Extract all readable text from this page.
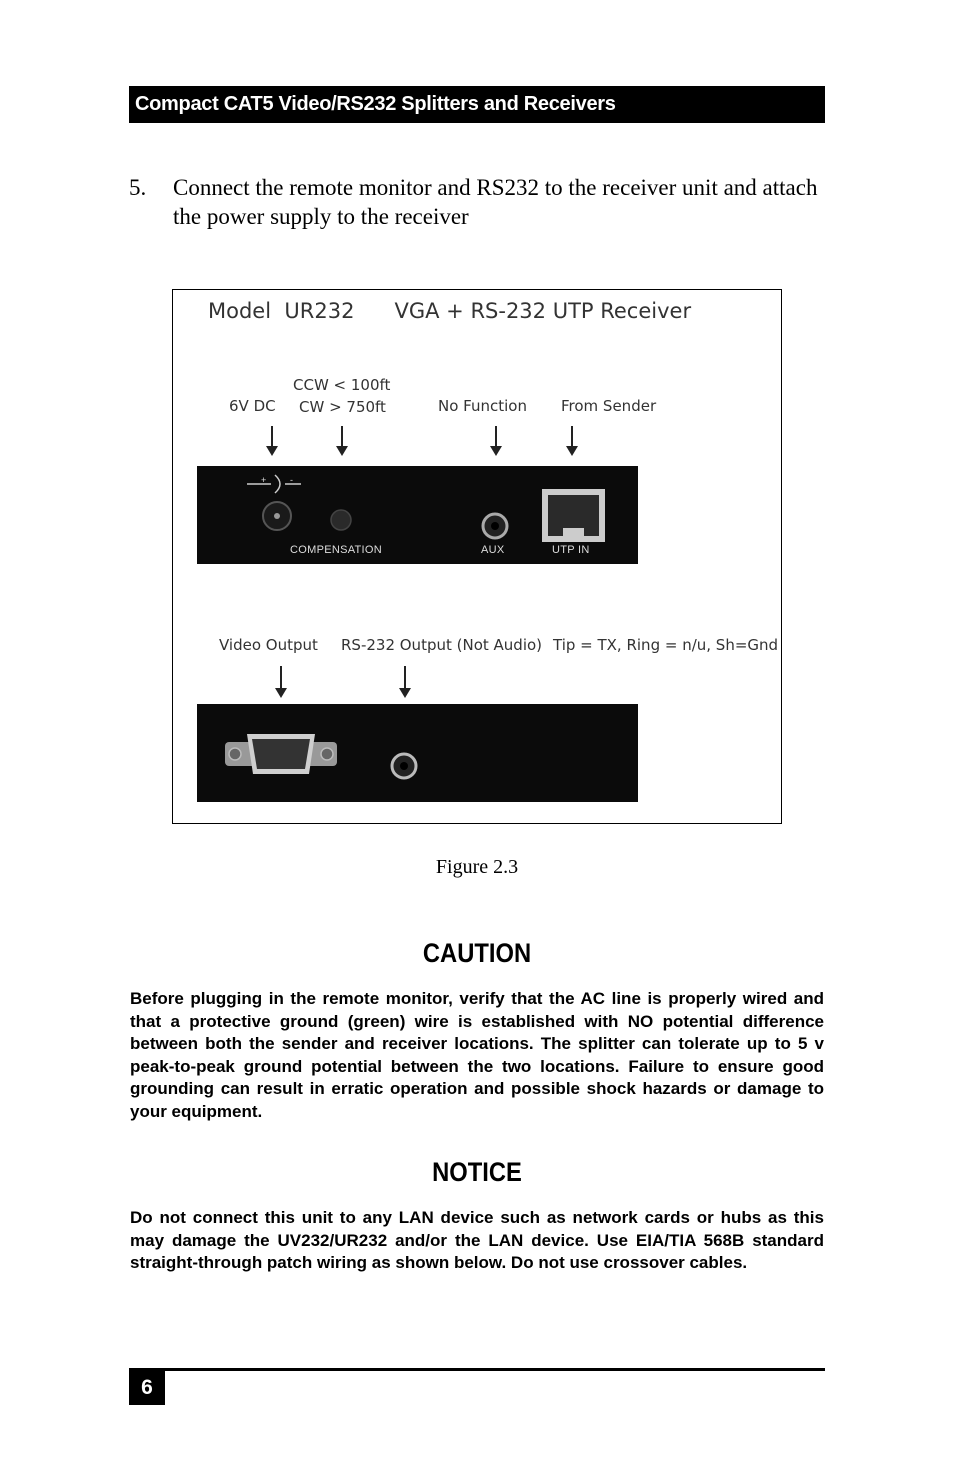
Compact CAT5 Video/RS232 Splitters and Receivers
5. Connect the remote monitor and RS232 to the receiver unit and attach the power supply to the receiver
Model  UR232      VGA + RS-232 UTP Receiver
6V DC
CCW < 100ft
CW > 750ft	No Function From Sender
+	-
COMPENSATION	AUX	UTP IN
Video Output RS-232 Output (Not Audio) Tip = TX, Ring = n/u, Sh=Gnd
Figure 2.3
CAUTION
Before plugging in the remote monitor, verify that the AC line is properly wired and that a protective ground (green) wire is established with NO potential difference between both the sender and receiver locations. The splitter can tolerate up to 5 v peak-to-peak ground potential between the two locations. Failure to ensure good grounding can result in erratic operation and possible shock hazards or damage to your equipment.
NOTICE
Do not connect this unit to any LAN device such as network cards or hubs as this may damage the UV232/UR232 and/or the LAN device. Use EIA/TIA 568B standard straight-through patch wiring as shown below. Do not use crossover cables.
6
